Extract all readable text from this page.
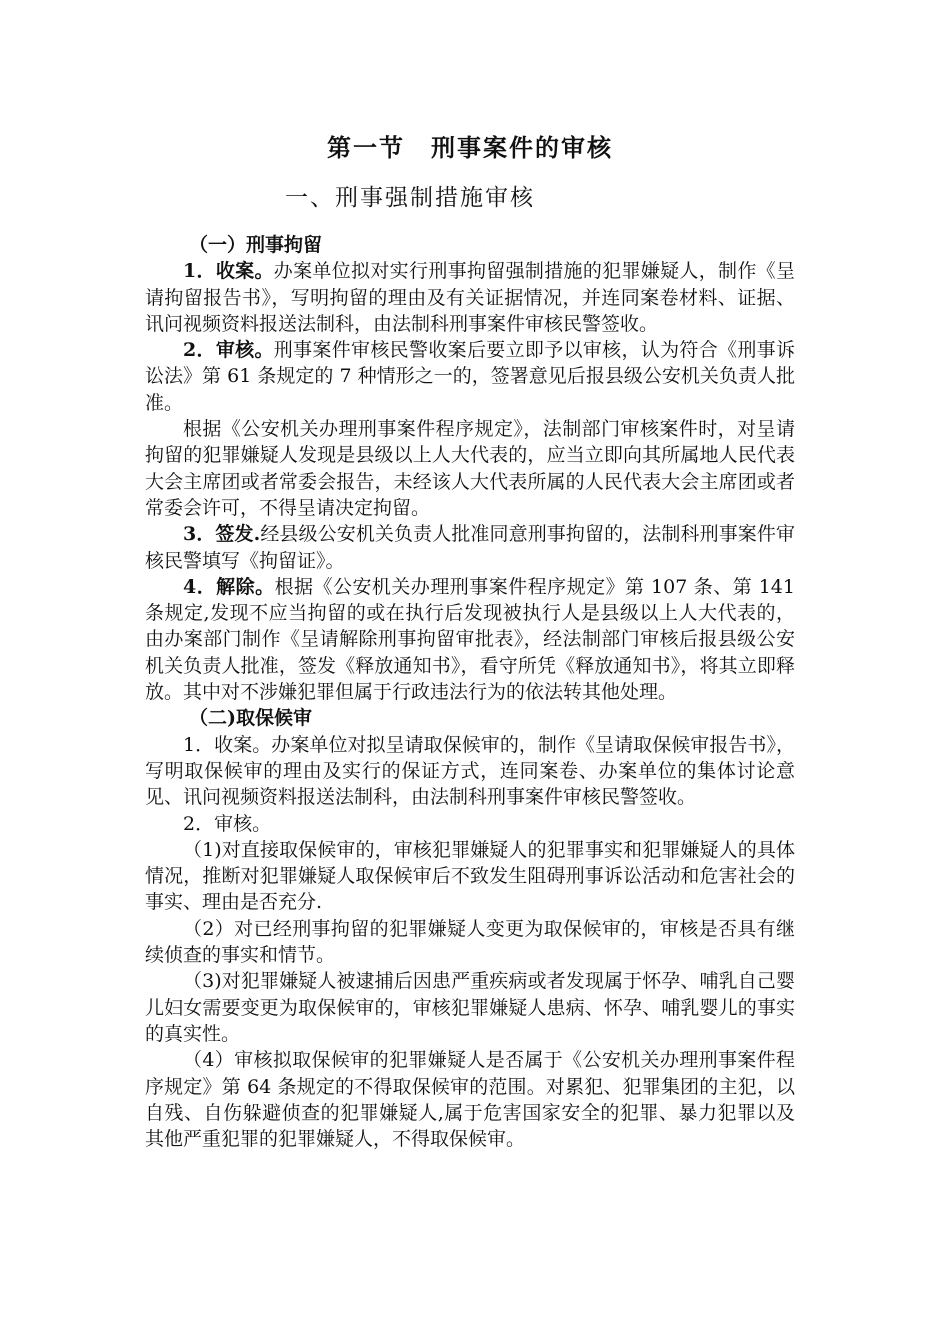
第一节　刑事案件的审核
一、刑事强制措施审核
（一）刑事拘留

1．收案。办案单位拟对实行刑事拘留强制措施的犯罪嫌疑人，制作《呈请拘留报告书》，写明拘留的理由及有关证据情况，并连同案卷材料、证据、讯问视频资料报送法制科，由法制科刑事案件审核民警签收。

2．审核。刑事案件审核民警收案后要立即予以审核，认为符合《刑事诉讼法》第 61 条规定的 7 种情形之一的，签署意见后报县级公安机关负责人批准。

根据《公安机关办理刑事案件程序规定》，法制部门审核案件时，对呈请拘留的犯罪嫌疑人发现是县级以上人大代表的，应当立即向其所属地人民代表大会主席团或者常委会报告，未经该人大代表所属的人民代表大会主席团或者常委会许可，不得呈请决定拘留。

3．签发.经县级公安机关负责人批准同意刑事拘留的，法制科刑事案件审核民警填写《拘留证》。

4．解除。根据《公安机关办理刑事案件程序规定》第 107 条、第 141 条规定,发现不应当拘留的或在执行后发现被执行人是县级以上人大代表的，由办案部门制作《呈请解除刑事拘留审批表》，经法制部门审核后报县级公安机关负责人批准，签发《释放通知书》，看守所凭《释放通知书》，将其立即释放。其中对不涉嫌犯罪但属于行政违法行为的依法转其他处理。

（二)取保候审

1．收案。办案单位对拟呈请取保候审的，制作《呈请取保候审报告书》，写明取保候审的理由及实行的保证方式，连同案卷、办案单位的集体讨论意见、讯问视频资料报送法制科，由法制科刑事案件审核民警签收。

2．审核。

（1)对直接取保候审的，审核犯罪嫌疑人的犯罪事实和犯罪嫌疑人的具体情况，推断对犯罪嫌疑人取保候审后不致发生阻碍刑事诉讼活动和危害社会的事实、理由是否充分.

（2）对已经刑事拘留的犯罪嫌疑人变更为取保候审的，审核是否具有继续侦查的事实和情节。

（3)对犯罪嫌疑人被逮捕后因患严重疾病或者发现属于怀孕、哺乳自己婴儿妇女需要变更为取保候审的，审核犯罪嫌疑人患病、怀孕、哺乳婴儿的事实的真实性。

（4）审核拟取保候审的犯罪嫌疑人是否属于《公安机关办理刑事案件程序规定》第 64 条规定的不得取保候审的范围。对累犯、犯罪集团的主犯，以自残、自伤躲避侦查的犯罪嫌疑人,属于危害国家安全的犯罪、暴力犯罪以及其他严重犯罪的犯罪嫌疑人，不得取保候审。
